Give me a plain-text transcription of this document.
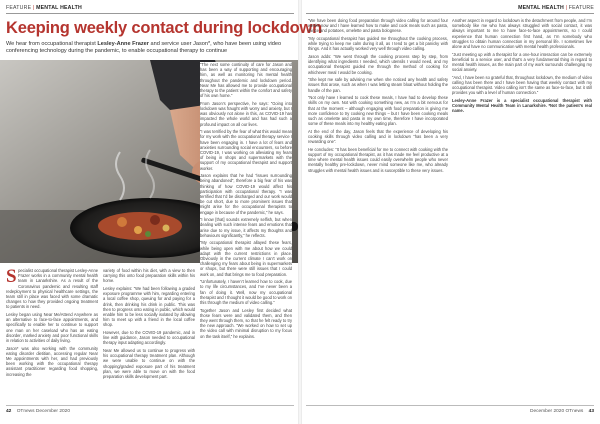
FEATURE | MENTAL HEALTH
42 OTnews December 2020
MENTAL HEALTH | FEATURE
December 2020 OTnews 43
Keeping weekly contact during lockdown
We hear from occupational therapist Lesley-Anne Frazer and service user Jason*, who have been using video conferencing technology during the pandemic, to enable occupational therapy to continue

Specialist occupational therapist Lesley-Anne Frazer works in a community mental health team in Lanarkshire. As a result of the Coronavirus pandemic and resulting staff redeployment to physical healthcare settings, the team still in place was faced with some dramatic changes to how they provided ongoing treatment to patients in need.

Lesley began using Near Me/Attend Anywhere as an alternative to face-to-face appointments, and specifically to enable her to continue to support one man on her caseload who has an eating disorder, marked anxiety and poor functional skills in relation to activities of daily living.

Jason* was also working with the community eating disorder dietitian, accessing regular Near Me appointments with her, and had previously been working with the occupational therapy assistant practitioner regarding food shopping, increasing the

variety of food within his diet, with a view to then carrying this onto food preparation skills within his home.

Lesley explains: “We had been following a graded exposure programme with him, regarding entering a local coffee shop, queuing for and paying for a drink, then drinking his drink in public. This was then to progress onto eating in public, which would enable him to be less socially isolated by allowing him to meet up with a friend in the local coffee shop.

However, due to the COVID-19 pandemic, and in line with guidance, Jason needed to occupational therapy input adapting accordingly.

Near Me allowed us to continue to progress with his occupational therapy treatment plan. Although we were unable to continue on with the shopping/graded exposure part of his treatment plan, we were able to move on with the food preparation skills development part.

“The next some continuity of care for Jason and has been a way of supporting and encouraging him, as well as monitoring his mental health throughout the pandemic and lockdown period. Near Me has allowed me to provide occupational therapy to the patient within the comfort and safety of his own home.”

From Jason’s perspective, he says: “Going into lockdown was fraught with worry and anxiety, but I was obviously not alone in this, as COVID-19 has impacted the whole world and has had such a profound impact on all our lives.

“I was terrified by the fear of what this would mean for my work with the occupational therapy service I have been engaging in. I have a lot of fears and anxieties surrounding social encounters, so before COVID-19, I was working on alleviating my fears of being in shops and supermarkets with the support of my occupational therapist and support worker.

Jason explains that he had “issues surrounding being abandoned”, therefore a big fear of his was thinking of how COVID-19 would affect his participation with occupational therapy. “I was terrified that I’d be discharged and our work would be cut short, due to more prominent issues that might arise for the occupational therapists to engage in because of the pandemic,” he says.

“I know [that] sounds extremely selfish, but when dealing with such intense fears and emotions that arise due to my issue, it affects my thoughts and behaviours significantly,” he reflects.

“My occupational therapist allayed these fears, while being open with me about how we could adapt with the current restrictions in place. Obviously in the current climate I can’t work on challenging my fears about being in supermarkets or shops, but there were still issues that I could work on, and that brings me to food preparation.

“Unfortunately, I haven’t learned how to cook, due to my life circumstances, and I’ve never been a fan of doing it. Well, now my occupational therapist and I thought it would be good to work on this through the medium of video calling.”

Together Jason and Lesley first decided what those fears were and validated them, and then they went through them, so that he felt ready to try the new approach. “We worked on how to set up the video call with minimal disruption to my focus on the task itself,” he explains.

“We have been doing food preparation through video calling for around four weeks now and I have learned how to make and cook meals such as pasta, mince and potatoes, omelette and pasta bolognese.

“My occupational therapist has guided me throughout the cooking process, while trying to keep me calm during it all, as I tend to get a bit panicky with things. And it has actually worked very well through video calling.

Jason adds: “We went through the cooking process step by step, from identifying what ingredients I needed, which utensils I would need, and my occupational therapist guided me through the method of cooking for whichever meal I would be cooking.

“She kept me safe by advising me when she noticed any health and safety issues that arose, such as when I was letting steam bloat without holding the handle of the pan.

“Not only have I learned to cook these meals, I have had to develop these skills on my own. Not with cooking something new, as I’m a bit nervous for that at the moment – although engaging with food preparation is giving me more confidence to try cooking new things – but I have been cooking meals such as omelette and pasta in my own time, therefore I have incorporated some of these meals into my healthy eating plan.

At the end of the day, Jason feels that the experience of developing his cooking skills through video calling and in lockdown “has been a very rewarding one”.

He concludes: “It has been beneficial for me to connect with cooking with the support of my occupational therapist, as it has made me feel productive at a time where mental health issues could easily overwhelm people who never mentally healthy pre-lockdown, never mind someone like me, who already struggles with mental health issues and is susceptible to these very issues.

Another aspect in regard to lockdown is the detachment from people, and I’m somebody like me who has always struggled with social contact, it was always important to me to have face-to-face appointments, so I could experience that human connection first hand, as I’m somebody who struggles to obtain human connection in my personal life. I sometimes live alone and have no communication with mental health professionals.

“Just meeting up with a therapist for a one-hour interaction can be extremely beneficial to a service user, and that’s a very fundamental thing in regard to mental health issues, as the main part of my work surrounds challenging my social anxiety.

“And, I have been so grateful that, throughout lockdown, the medium of video calling has been there and I have been having that weekly contact with my occupational therapist. Video calling isn’t the same as face-to-face, but it still provides you with a level of human connection.”

Lesley-Anne Frazer is a specialist occupational therapist with Community Mental Health Team in Lanarkshire. *Not the patient’s real name.
